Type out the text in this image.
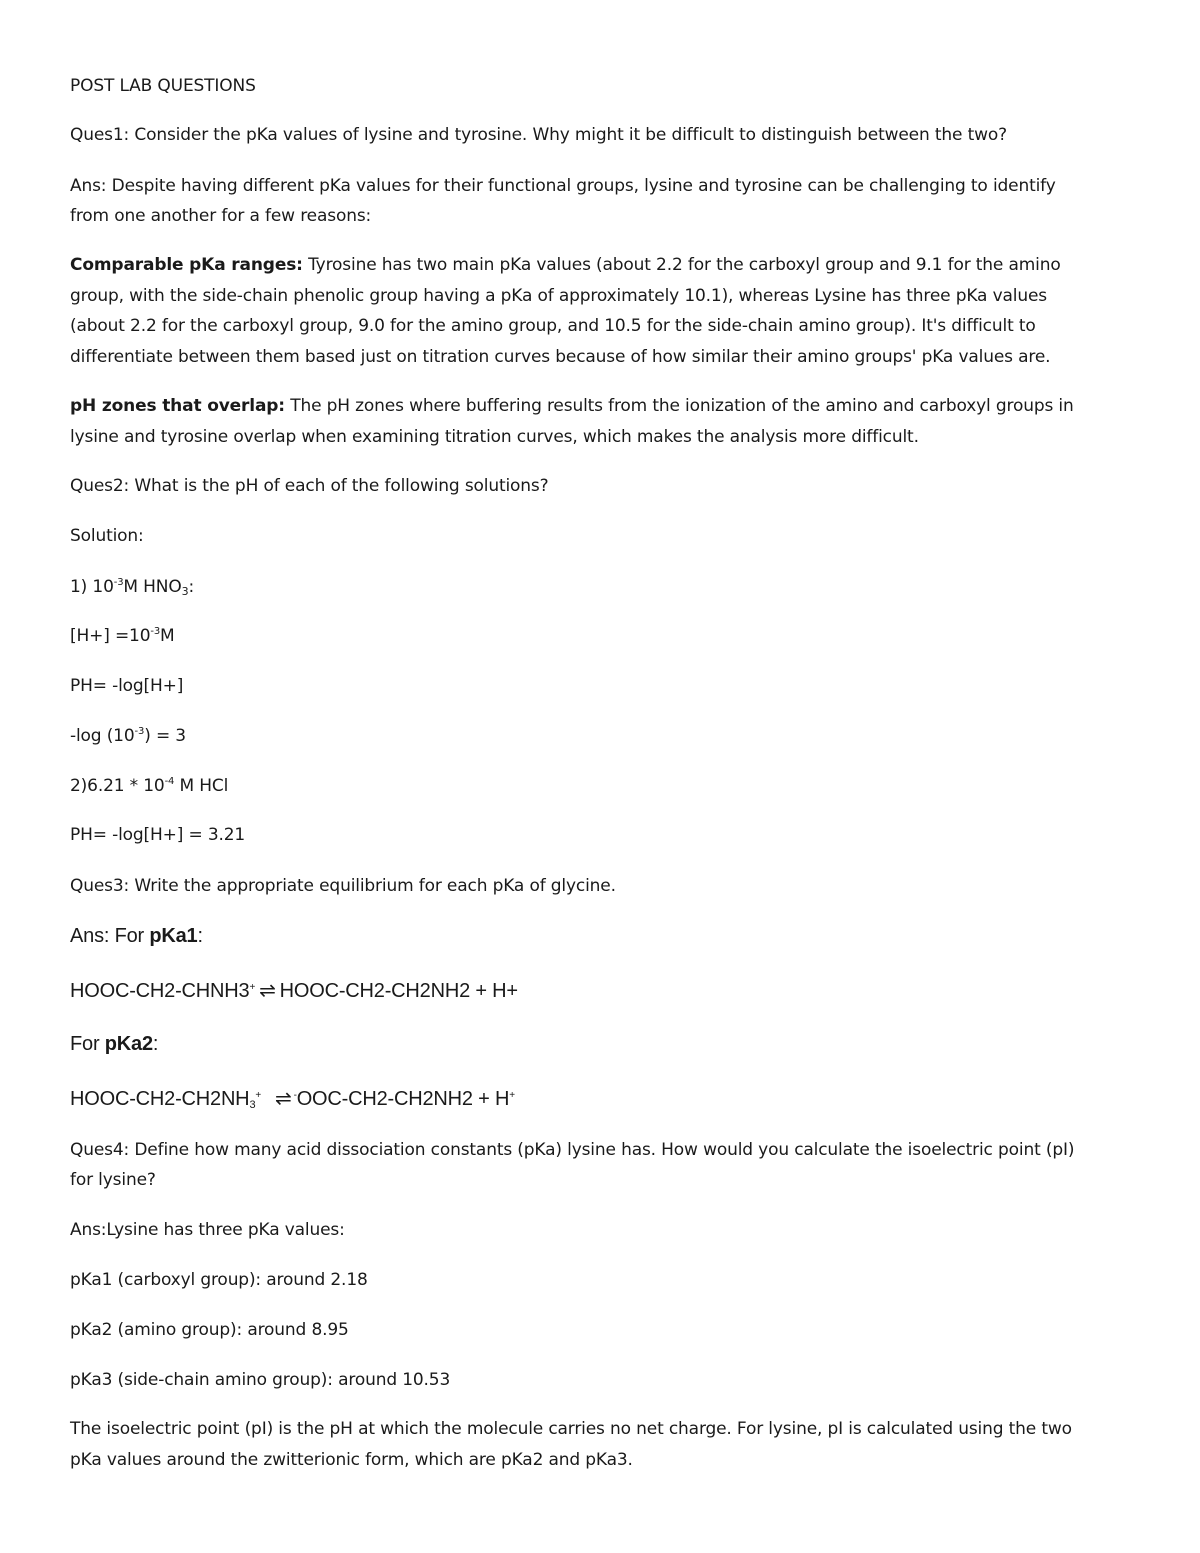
POST LAB QUESTIONS
Ques1: Consider the pKa values of lysine and tyrosine. Why might it be difficult to distinguish between the two?
Ans: Despite having different pKa values for their functional groups, lysine and tyrosine can be challenging to identify
from one another for a few reasons:
Comparable pKa ranges: Tyrosine has two main pKa values (about 2.2 for the carboxyl group and 9.1 for the amino
group, with the side-chain phenolic group having a pKa of approximately 10.1), whereas Lysine has three pKa values
(about 2.2 for the carboxyl group, 9.0 for the amino group, and 10.5 for the side-chain amino group). It's difficult to
differentiate between them based just on titration curves because of how similar their amino groups' pKa values are.
pH zones that overlap: The pH zones where buffering results from the ionization of the amino and carboxyl groups in
lysine and tyrosine overlap when examining titration curves, which makes the analysis more difficult.
Ques2: What is the pH of each of the following solutions?
Solution:
1) $10^{-3}M$ $HNO_3$:
$[H+] =10^{-3}M$
PH= -log[H+]
-log $(10^{-3}) = 3$
$2)6.21 * 10^{-4}$ M HCl
PH= -log[H+] = 3.21
Ques3: Write the appropriate equilibrium for each pKa of glycine.
Ans: For pKa1:
HOOC-CH2-CHNH3+ ⇌ HOOC-CH2-CH2NH2 + H+
For pKa2:
HOOC-$CH2-CH2NH_3^+$ ⇌ -OOC-CH2-CH2NH2 + H+
Ques4: Define how many acid dissociation constants (pKa) lysine has. How would you calculate the isoelectric point (pI)
for lysine?
Ans:Lysine has three pKa values:
pKa1 (carboxyl group): around 2.18
pKa2 (amino group): around 8.95
pKa3 (side-chain amino group): around 10.53
The isoelectric point (pI) is the pH at which the molecule carries no net charge. For lysine, pI is calculated using the two
pKa values around the zwitterionic form, which are pKa2 and pKa3.
